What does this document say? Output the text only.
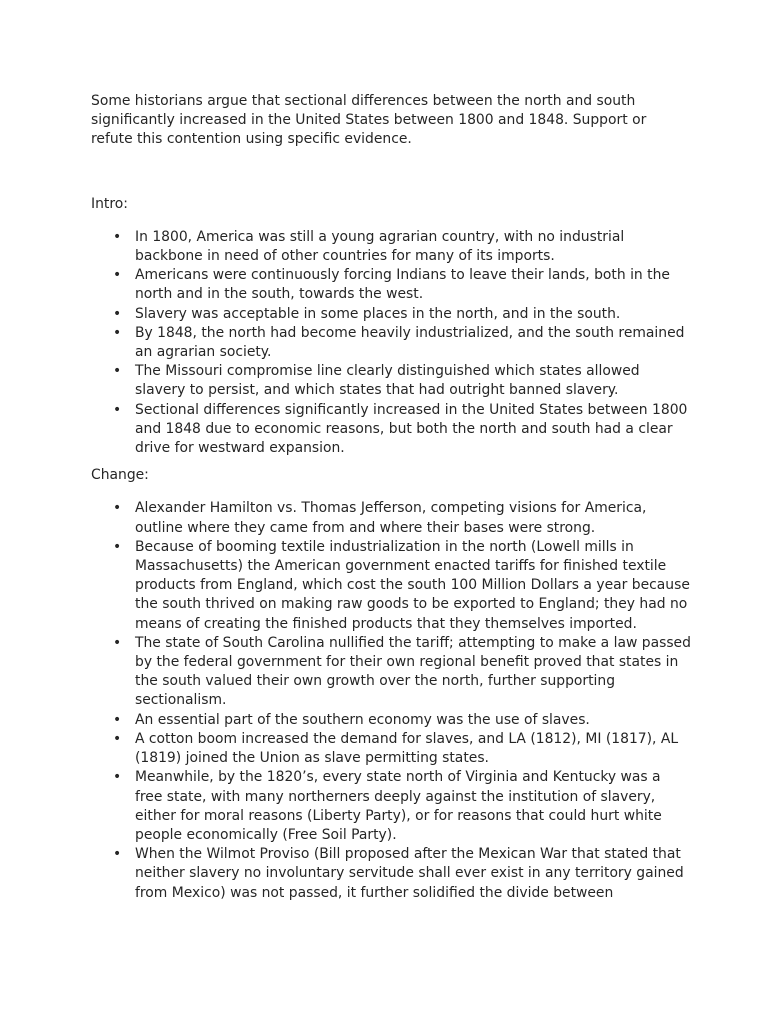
Some historians argue that sectional differences between the north and south significantly increased in the United States between 1800 and 1848. Support or refute this contention using specific evidence.

Intro:

• In 1800, America was still a young agrarian country, with no industrial backbone in need of other countries for many of its imports.
• Americans were continuously forcing Indians to leave their lands, both in the north and in the south, towards the west.
• Slavery was acceptable in some places in the north, and in the south.
• By 1848, the north had become heavily industrialized, and the south remained an agrarian society.
• The Missouri compromise line clearly distinguished which states allowed slavery to persist, and which states that had outright banned slavery.
• Sectional differences significantly increased in the United States between 1800 and 1848 due to economic reasons, but both the north and south had a clear drive for westward expansion.

Change:

• Alexander Hamilton vs. Thomas Jefferson, competing visions for America, outline where they came from and where their bases were strong.
• Because of booming textile industrialization in the north (Lowell mills in Massachusetts) the American government enacted tariffs for finished textile products from England, which cost the south 100 Million Dollars a year because the south thrived on making raw goods to be exported to England; they had no means of creating the finished products that they themselves imported.
• The state of South Carolina nullified the tariff; attempting to make a law passed by the federal government for their own regional benefit proved that states in the south valued their own growth over the north, further supporting sectionalism.
• An essential part of the southern economy was the use of slaves.
• A cotton boom increased the demand for slaves, and LA (1812), MI (1817), AL (1819) joined the Union as slave permitting states.
• Meanwhile, by the 1820’s, every state north of Virginia and Kentucky was a free state, with many northerners deeply against the institution of slavery, either for moral reasons (Liberty Party), or for reasons that could hurt white people economically (Free Soil Party).
• When the Wilmot Proviso (Bill proposed after the Mexican War that stated that neither slavery no involuntary servitude shall ever exist in any territory gained from Mexico) was not passed, it further solidified the divide between
